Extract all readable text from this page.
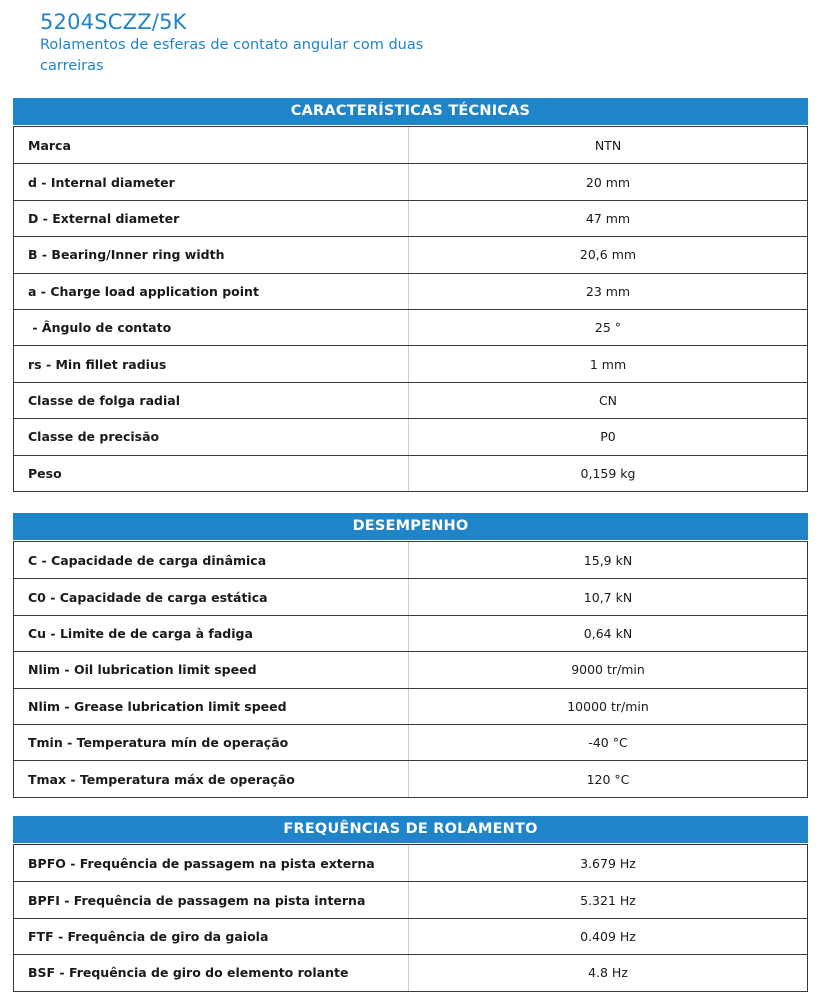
5204SCZZ/5K

Rolamentos de esferas de contato angular com duas
carreiras

CARACTERÍSTICAS TÉCNICAS
Marca	NTN
d - Internal diameter	20 mm
D - External diameter	47 mm
B - Bearing/Inner ring width	20,6 mm
a - Charge load application point	23 mm
- Ângulo de contato	25 °
rs - Min fillet radius	1 mm
Classe de folga radial	CN
Classe de precisão	P0
Peso	0,159 kg
DESEMPENHO
C - Capacidade de carga dinâmica	15,9 kN
C0 - Capacidade de carga estática	10,7 kN
Cu - Limite de de carga à fadiga	0,64 kN
Nlim - Oil lubrication limit speed	9000 tr/min
Nlim - Grease lubrication limit speed	10000 tr/min
Tmin - Temperatura mín de operação	-40 °C
Tmax - Temperatura máx de operação	120 °C
FREQUÊNCIAS DE ROLAMENTO
BPFO - Frequência de passagem na pista externa	3.679 Hz
BPFI - Frequência de passagem na pista interna	5.321 Hz
FTF - Frequência de giro da gaiola	0.409 Hz
BSF - Frequência de giro do elemento rolante	4.8 Hz
